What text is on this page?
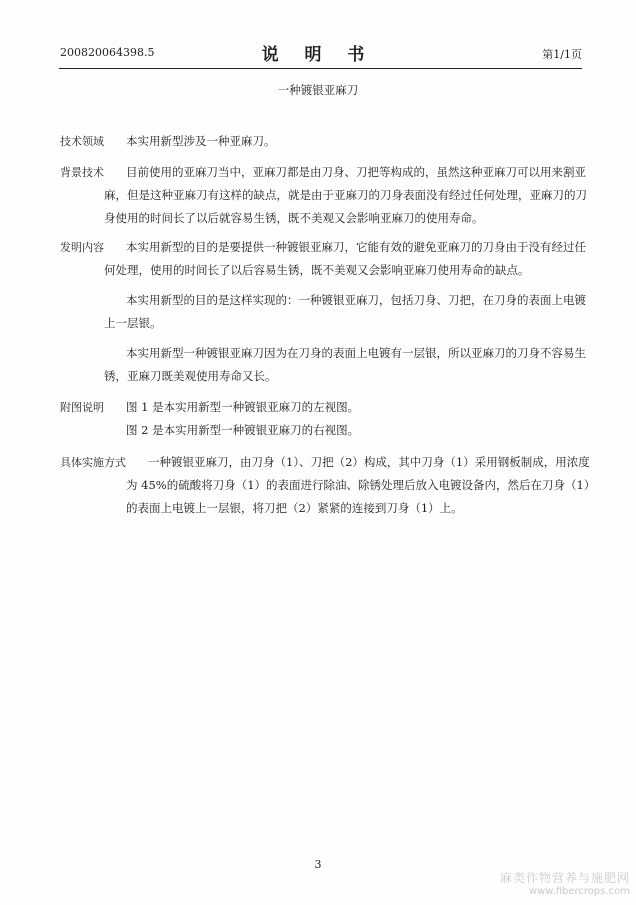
200820064398.5	说 明 书	第1/1页
一种镀银亚麻刀
技术领域 本实用新型涉及一种亚麻刀。
背景技术 目前使用的亚麻刀当中，亚麻刀都是由刀身、刀把等构成的，虽然这种亚麻刀可以用来割亚
麻，但是这种亚麻刀有这样的缺点，就是由于亚麻刀的刀身表面没有经过任何处理，亚麻刀的刀
身使用的时间长了以后就容易生锈，既不美观又会影响亚麻刀的使用寿命。
发明内容 本实用新型的目的是要提供一种镀银亚麻刀，它能有效的避免亚麻刀的刀身由于没有经过任
何处理，使用的时间长了以后容易生锈，既不美观又会影响亚麻刀使用寿命的缺点。
本实用新型的目的是这样实现的：一种镀银亚麻刀，包括刀身、刀把，在刀身的表面上电镀
上一层银。
本实用新型一种镀银亚麻刀因为在刀身的表面上电镀有一层银，所以亚麻刀的刀身不容易生
锈，亚麻刀既美观使用寿命又长。
附图说明 图 1 是本实用新型一种镀银亚麻刀的左视图。
图 2 是本实用新型一种镀银亚麻刀的右视图。
具体实施方式 一种镀银亚麻刀，由刀身（1）、刀把（2）构成，其中刀身（1）采用钢板制成，用浓度
为 45%的硫酸将刀身（1）的表面进行除油、除锈处理后放入电镀设备内，然后在刀身（1）
的表面上电镀上一层银，将刀把（2）紧紧的连接到刀身（1）上。
3
麻类作物营养与施肥网
www.fibercrops.com
